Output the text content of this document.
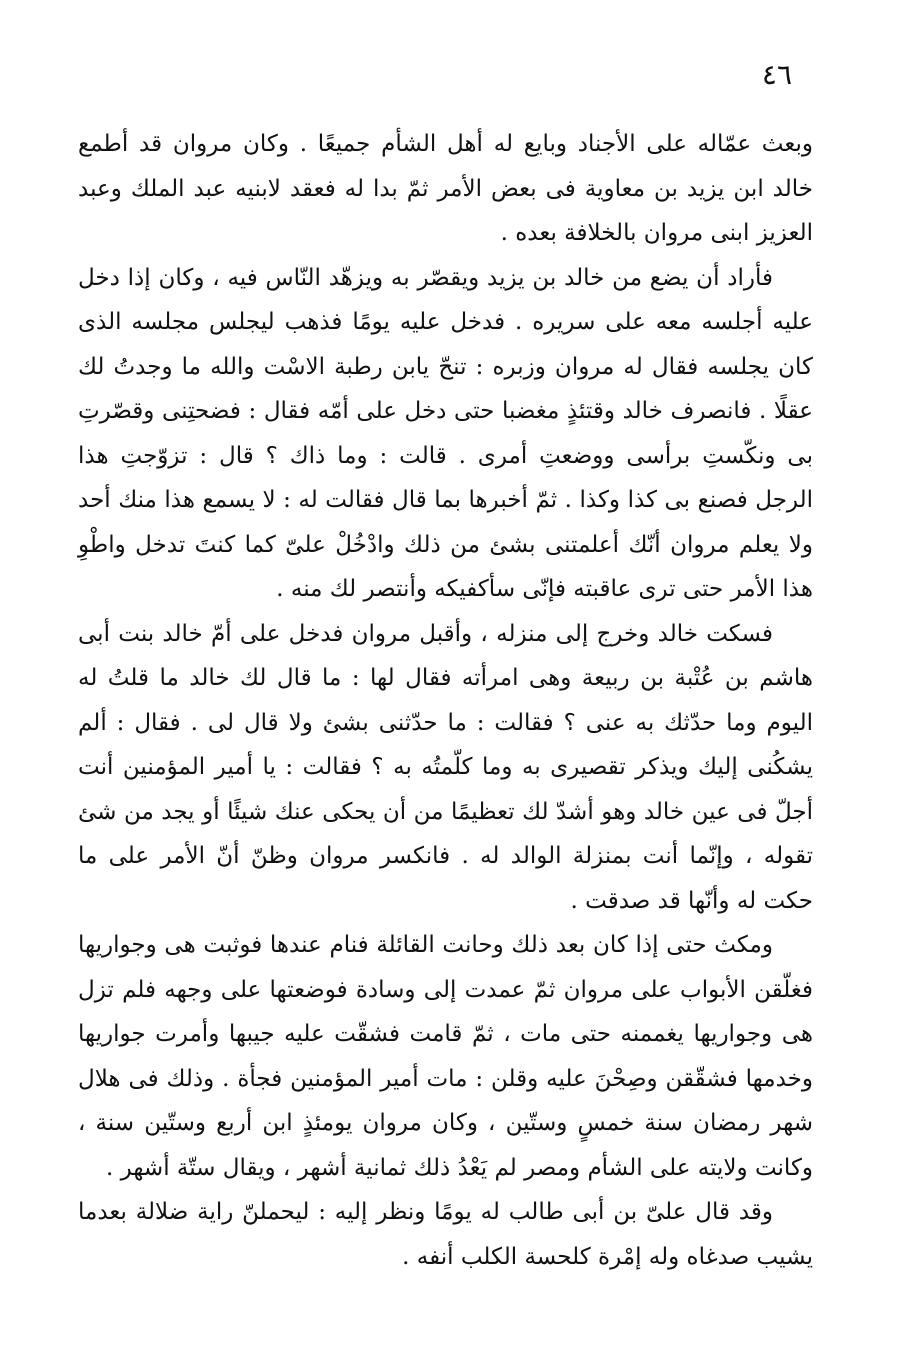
٤٦

وبعث عمّاله على الأجناد وبايع له أهل الشأم جميعًا . وكان مروان قد أطمع خالد ابن يزيد بن معاوية فى بعض الأمر ثمّ بدا له فعقد لابنيه عبد الملك وعبد العزيز ابنى مروان بالخلافة بعده .

فأراد أن يضع من خالد بن يزيد ويقصّر به ويزهّد النّاس فيه ، وكان إذا دخل عليه أجلسه معه على سريره . فدخل عليه يومًا فذهب ليجلس مجلسه الذى كان يجلسه فقال له مروان وزبره : تنحّ يابن رطبة الاسْت والله ما وجدتُ لك عقلًا . فانصرف خالد وقتئذٍ مغضبا حتى دخل على أمّه فقال : فضحتِنى وقصّرتِ بى ونكّستِ برأسى ووضعتِ أمرى . قالت : وما ذاك ؟ قال : تزوّجتِ هذا الرجل فصنع بى كذا وكذا . ثمّ أخبرها بما قال فقالت له : لا يسمع هذا منك أحد ولا يعلم مروان أنّك أعلمتنى بشئ من ذلك وادْخُلْ علىّ كما كنتَ تدخل واطْوِ هذا الأمر حتى ترى عاقبته فإنّى سأكفيكه وأنتصر لك منه .

فسكت خالد وخرج إلى منزله ، وأقبل مروان فدخل على أمّ خالد بنت أبى هاشم بن عُتْبة بن ربيعة وهى امرأته فقال لها : ما قال لك خالد ما قلتُ له اليوم وما حدّثك به عنى ؟ فقالت : ما حدّثنى بشئ ولا قال لى . فقال : ألم يشكُنى إليك ويذكر تقصيرى به وما كلّمتُه به ؟ فقالت : يا أمير المؤمنين أنت أجلّ فى عين خالد وهو أشدّ لك تعظيمًا من أن يحكى عنك شيئًا أو يجد من شئ تقوله ، وإنّما أنت بمنزلة الوالد له . فانكسر مروان وظنّ أنّ الأمر على ما حكت له وأنّها قد صدقت .

ومكث حتى إذا كان بعد ذلك وحانت القائلة فنام عندها فوثبت هى وجواريها فغلّقن الأبواب على مروان ثمّ عمدت إلى وسادة فوضعتها على وجهه فلم تزل هى وجواريها يغممنه حتى مات ، ثمّ قامت فشقّت عليه جيبها وأمرت جواريها وخدمها فشقّقن وصِحْنَ عليه وقلن : مات أمير المؤمنين فجأة . وذلك فى هلال شهر رمضان سنة خمسٍ وستّين ، وكان مروان يومئذٍ ابن أربع وستّين سنة ، وكانت ولايته على الشأم ومصر لم يَعْدُ ذلك ثمانية أشهر ، ويقال ستّة أشهر .

وقد قال علىّ بن أبى طالب له يومًا ونظر إليه : ليحملنّ راية ضلالة بعدما يشيب صدغاه وله إمْرة كلحسة الكلب أنفه .
